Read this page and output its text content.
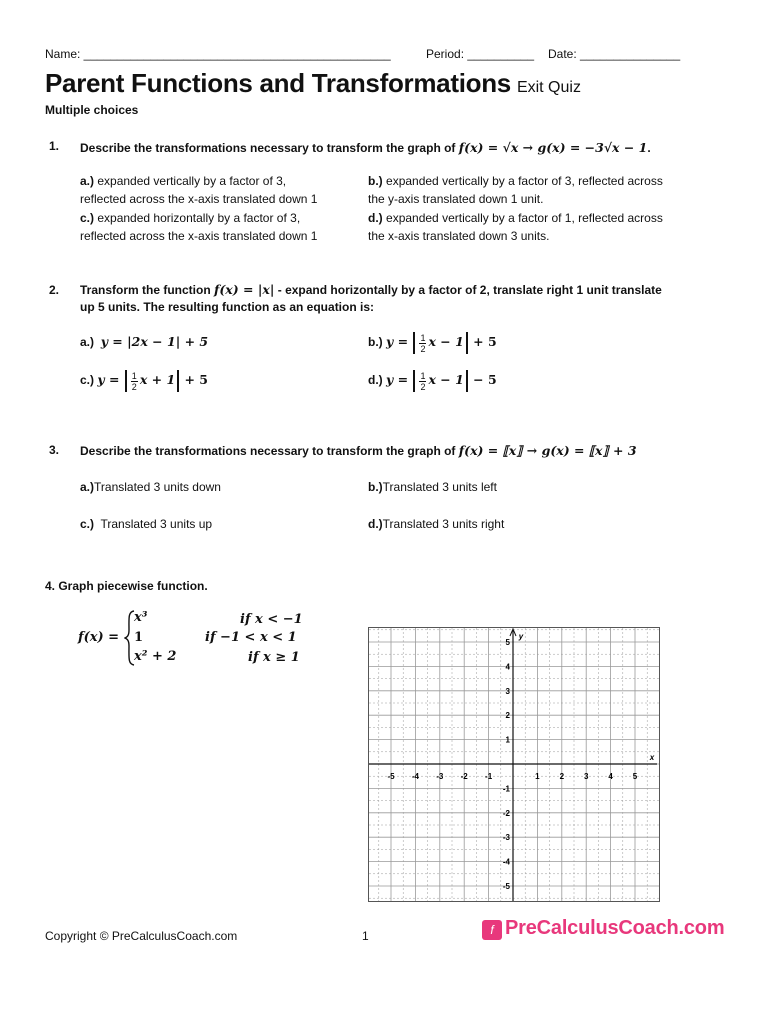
Name: ______________________________________________	Period: __________ Date: _______________
Parent Functions and Transformations Exit Quiz
Multiple choices
1. Describe the transformations necessary to transform the graph of f(x) = √x → g(x) = −3√x − 1.
a.) expanded vertically by a factor of 3,
reflected across the x-axis translated down 1
b.) expanded vertically by a factor of 3, reflected across
the y-axis translated down 1 unit.
c.) expanded horizontally by a factor of 3,
reflected across the x-axis translated down 1
d.) expanded vertically by a factor of 1, reflected across
the x-axis translated down 3 units.
2. Transform the function f(x) = |x| - expand horizontally by a factor of 2, translate right 1 unit translate
up 5 units. The resulting function as an equation is:
a.) y = |2x − 1| + 5	b.) $y = \frac{1}{2}$ x − 1 + 5
c.) $y = \frac{1}{2}$ x + 1 + 5	d.) $y = \frac{1}{2}$ x − 1 − 5
3. Describe the transformations necessary to transform the graph of f(x) = ⟦x⟧ → g(x) = ⟦x⟧ + 3
a.)Translated 3 units down	b.)Translated 3 units left
c.) Translated 3 units up	d.)Translated 3 units right
4. Graph piecewise function.
f(x) =
x³	if x < −1
1	if −1 < x < 1
x² + 2	if x ≥ 1
-5 -4 -3 -2 -1	1 2 3 4 5
5
4
3
2
1
-1
-2
-3
-4
-5
y
x
Copyright © PreCalculusCoach.com	1	f PreCalculusCoach.com
